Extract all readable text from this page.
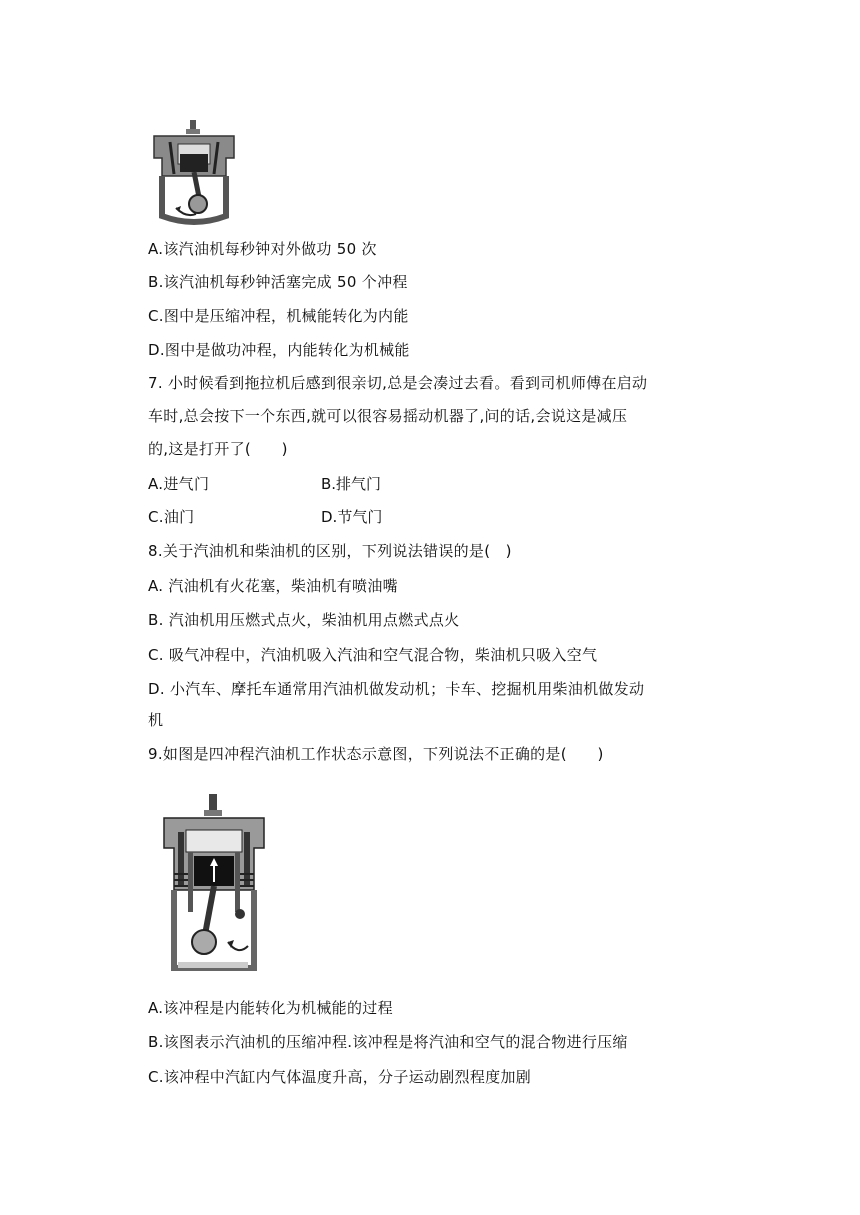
A.该汽油机每秒钟对外做功 50 次
B.该汽油机每秒钟活塞完成 50 个冲程
C.图中是压缩冲程，机械能转化为内能
D.图中是做功冲程，内能转化为机械能
7. 小时候看到拖拉机后感到很亲切,总是会凑过去看。看到司机师傅在启动
车时,总会按下一个东西,就可以很容易摇动机器了,问的话,会说这是减压
的,这是打开了(　　)
A.进气门	B.排气门
C.油门	D.节气门
8.关于汽油机和柴油机的区别，下列说法错误的是(　)
A. 汽油机有火花塞，柴油机有喷油嘴
B. 汽油机用压燃式点火，柴油机用点燃式点火
C. 吸气冲程中，汽油机吸入汽油和空气混合物，柴油机只吸入空气
D. 小汽车、摩托车通常用汽油机做发动机；卡车、挖掘机用柴油机做发动
机
9.如图是四冲程汽油机工作状态示意图，下列说法不正确的是(　　)
A.该冲程是内能转化为机械能的过程
B.该图表示汽油机的压缩冲程.该冲程是将汽油和空气的混合物进行压缩
C.该冲程中汽缸内气体温度升高，分子运动剧烈程度加剧
